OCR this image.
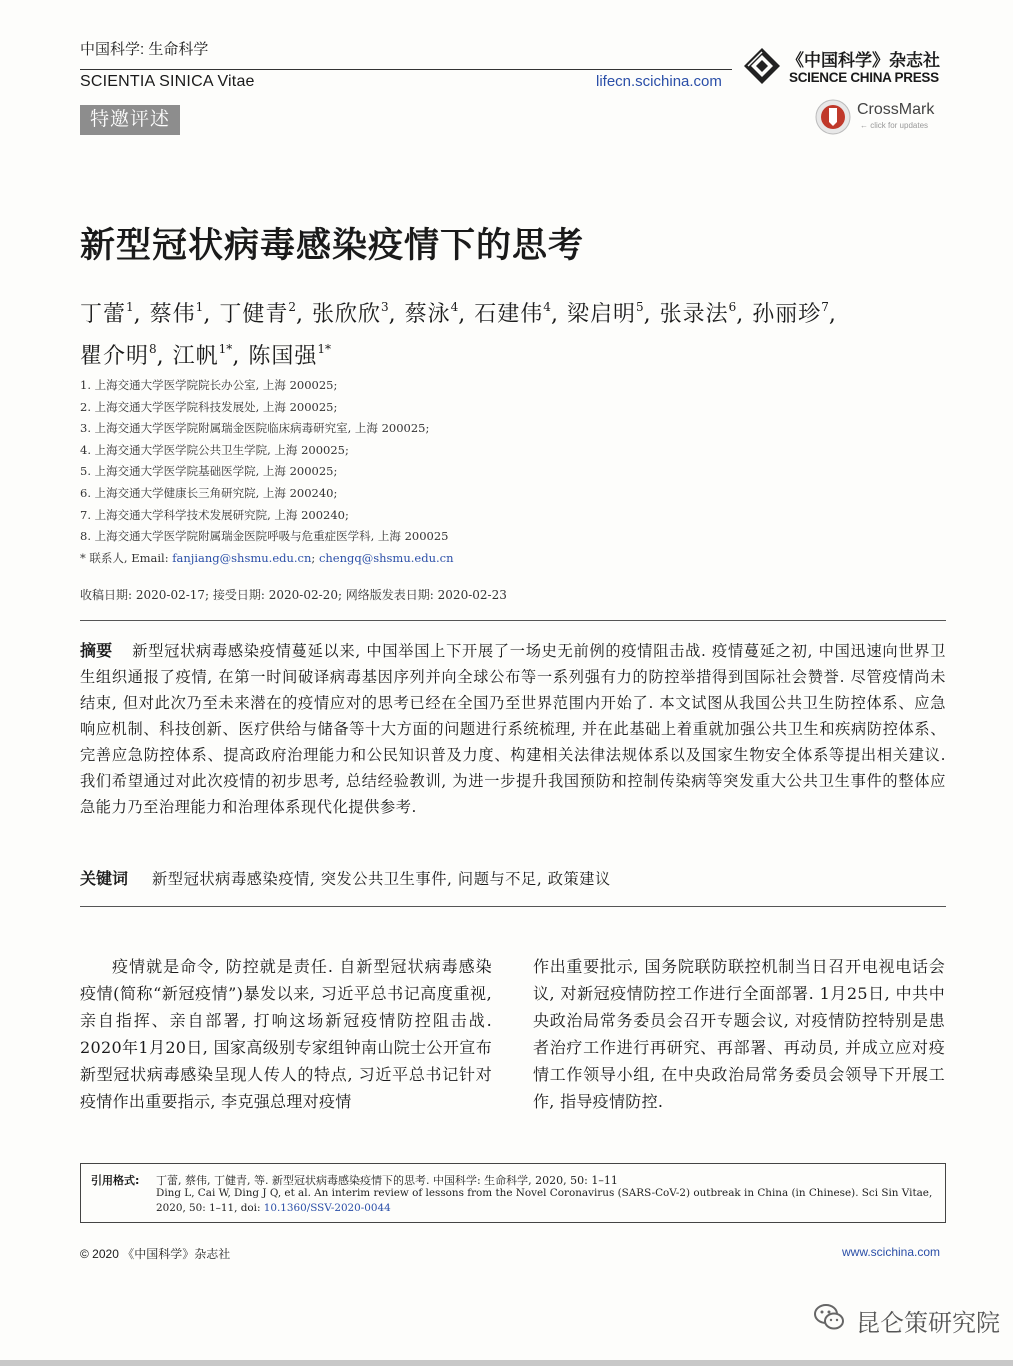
中国科学: 生命科学
SCIENTIA SINICA Vitae	lifecn.scichina.com
《中国科学》杂志社
SCIENCE CHINA PRESS
CrossMark
← click for updates
特邀评述
新型冠状病毒感染疫情下的思考
丁蕾$^1$, 蔡伟$^1$, 丁健青$^2$, 张欣欣$^3$, 蔡泳$^4$, 石建伟$^4$, 梁启明$^5$, 张录法$^6$, 孙丽珍$^7$,
瞿介明$^8$, 江帆$^{1*}$, 陈国强$^{1*}$
1. 上海交通大学医学院院长办公室, 上海 200025;
2. 上海交通大学医学院科技发展处, 上海 200025;
3. 上海交通大学医学院附属瑞金医院临床病毒研究室, 上海 200025;
4. 上海交通大学医学院公共卫生学院, 上海 200025;
5. 上海交通大学医学院基础医学院, 上海 200025;
6. 上海交通大学健康长三角研究院, 上海 200240;
7. 上海交通大学科学技术发展研究院, 上海 200240;
8. 上海交通大学医学院附属瑞金医院呼吸与危重症医学科, 上海 200025
* 联系人, Email: fanjiang@shsmu.edu.cn; chengq@shsmu.edu.cn
收稿日期: 2020-02-17; 接受日期: 2020-02-20; 网络版发表日期: 2020-02-23
摘要 新型冠状病毒感染疫情蔓延以来, 中国举国上下开展了一场史无前例的疫情阻击战. 疫情蔓延之初, 中国迅速向世界卫生组织通报了疫情, 在第一时间破译病毒基因序列并向全球公布等一系列强有力的防控举措得到国际社会赞誉. 尽管疫情尚未结束, 但对此次乃至未来潜在的疫情应对的思考已经在全国乃至世界范围内开始了. 本文试图从我国公共卫生防控体系、应急响应机制、科技创新、医疗供给与储备等十大方面的问题进行系统梳理, 并在此基础上着重就加强公共卫生和疾病防控体系、完善应急防控体系、提高政府治理能力和公民知识普及力度、构建相关法律法规体系以及国家生物安全体系等提出相关建议. 我们希望通过对此次疫情的初步思考, 总结经验教训, 为进一步提升我国预防和控制传染病等突发重大公共卫生事件的整体应急能力乃至治理能力和治理体系现代化提供参考.
关键词 新型冠状病毒感染疫情, 突发公共卫生事件, 问题与不足, 政策建议
疫情就是命令, 防控就是责任. 自新型冠状病毒感染疫情(简称“新冠疫情”)暴发以来, 习近平总书记高度重视, 亲自指挥、亲自部署, 打响这场新冠疫情防控阻击战. 2020年1月20日, 国家高级别专家组钟南山院士公开宣布新型冠状病毒感染呈现人传人的特点, 习近平总书记针对疫情作出重要指示, 李克强总理对疫情
作出重要批示, 国务院联防联控机制当日召开电视电话会议, 对新冠疫情防控工作进行全面部署. 1月25日, 中共中央政治局常务委员会召开专题会议, 对疫情防控特别是患者治疗工作进行再研究、再部署、再动员, 并成立应对疫情工作领导小组, 在中央政治局常务委员会领导下开展工作, 指导疫情防控.
引用格式: 丁蕾, 蔡伟, 丁健青, 等. 新型冠状病毒感染疫情下的思考. 中国科学: 生命科学, 2020, 50: 1–11
Ding L, Cai W, Ding J Q, et al. An interim review of lessons from the Novel Coronavirus (SARS-CoV-2) outbreak in China (in Chinese). Sci Sin Vitae,
2020, 50: 1–11, doi: 10.1360/SSV-2020-0044
© 2020 《中国科学》杂志社	www.scichina.com
昆仑策研究院
